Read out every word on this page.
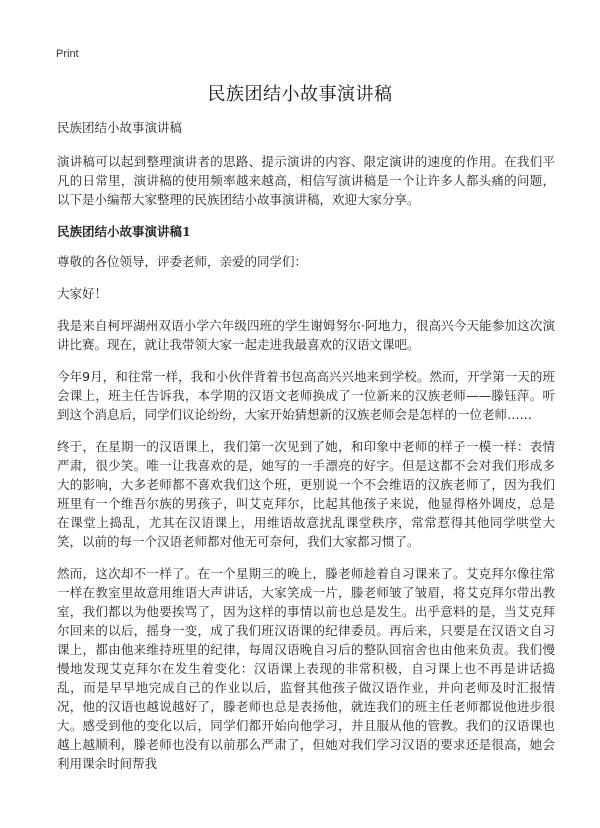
Print
民族团结小故事演讲稿

民族团结小故事演讲稿

演讲稿可以起到整理演讲者的思路、提示演讲的内容、限定演讲的速度的作用。在我们平凡的日常里，演讲稿的使用频率越来越高，相信写演讲稿是一个让许多人都头痛的问题，以下是小编帮大家整理的民族团结小故事演讲稿，欢迎大家分享。

民族团结小故事演讲稿1

尊敬的各位领导，评委老师，亲爱的同学们：

大家好！

我是来自柯坪湖州双语小学六年级四班的学生谢姆努尔·阿地力，很高兴今天能参加这次演讲比赛。现在，就让我带领大家一起走进我最喜欢的汉语文课吧。

今年9月，和往常一样，我和小伙伴背着书包高高兴兴地来到学校。然而，开学第一天的班会课上，班主任告诉我，本学期的汉语文老师换成了一位新来的汉族老师——滕钰萍。听到这个消息后，同学们议论纷纷，大家开始猜想新的汉族老师会是怎样的一位老师……

终于，在星期一的汉语课上，我们第一次见到了她，和印象中老师的样子一模一样：表情严肃，很少笑。唯一让我喜欢的是，她写的一手漂亮的好字。但是这都不会对我们形成多大的影响，大多老师都不喜欢我们这个班，更别说一个不会维语的汉族老师了，因为我们班里有一个维吾尔族的男孩子，叫艾克拜尔，比起其他孩子来说，他显得格外调皮，总是在课堂上捣乱，尤其在汉语课上，用维语故意扰乱课堂秩序，常常惹得其他同学哄堂大笑，以前的每一个汉语老师都对他无可奈何，我们大家都习惯了。

然而，这次却不一样了。在一个星期三的晚上，滕老师趁着自习课来了。艾克拜尔像往常一样在教室里故意用维语大声讲话，大家笑成一片，滕老师皱了皱眉，将艾克拜尔带出教室，我们都以为他要挨骂了，因为这样的事情以前也总是发生。出乎意料的是，当艾克拜尔回来的以后，摇身一变，成了我们班汉语课的纪律委员。再后来，只要是在汉语文自习课上，都由他来维持班里的纪律，每周汉语晚自习后的整队回宿舍也由他来负责。我们慢慢地发现艾克拜尔在发生着变化：汉语课上表现的非常积极，自习课上也不再是讲话捣乱，而是早早地完成自己的作业以后，监督其他孩子做汉语作业，并向老师及时汇报情况，他的汉语也越说越好了，滕老师也总是表扬他，就连我们的班主任老师都说他进步很大。感受到他的变化以后，同学们都开始向他学习，并且服从他的管教。我们的汉语课也越上越顺利，滕老师也没有以前那么严肃了，但她对我们学习汉语的要求还是很高，她会利用课余时间帮我
